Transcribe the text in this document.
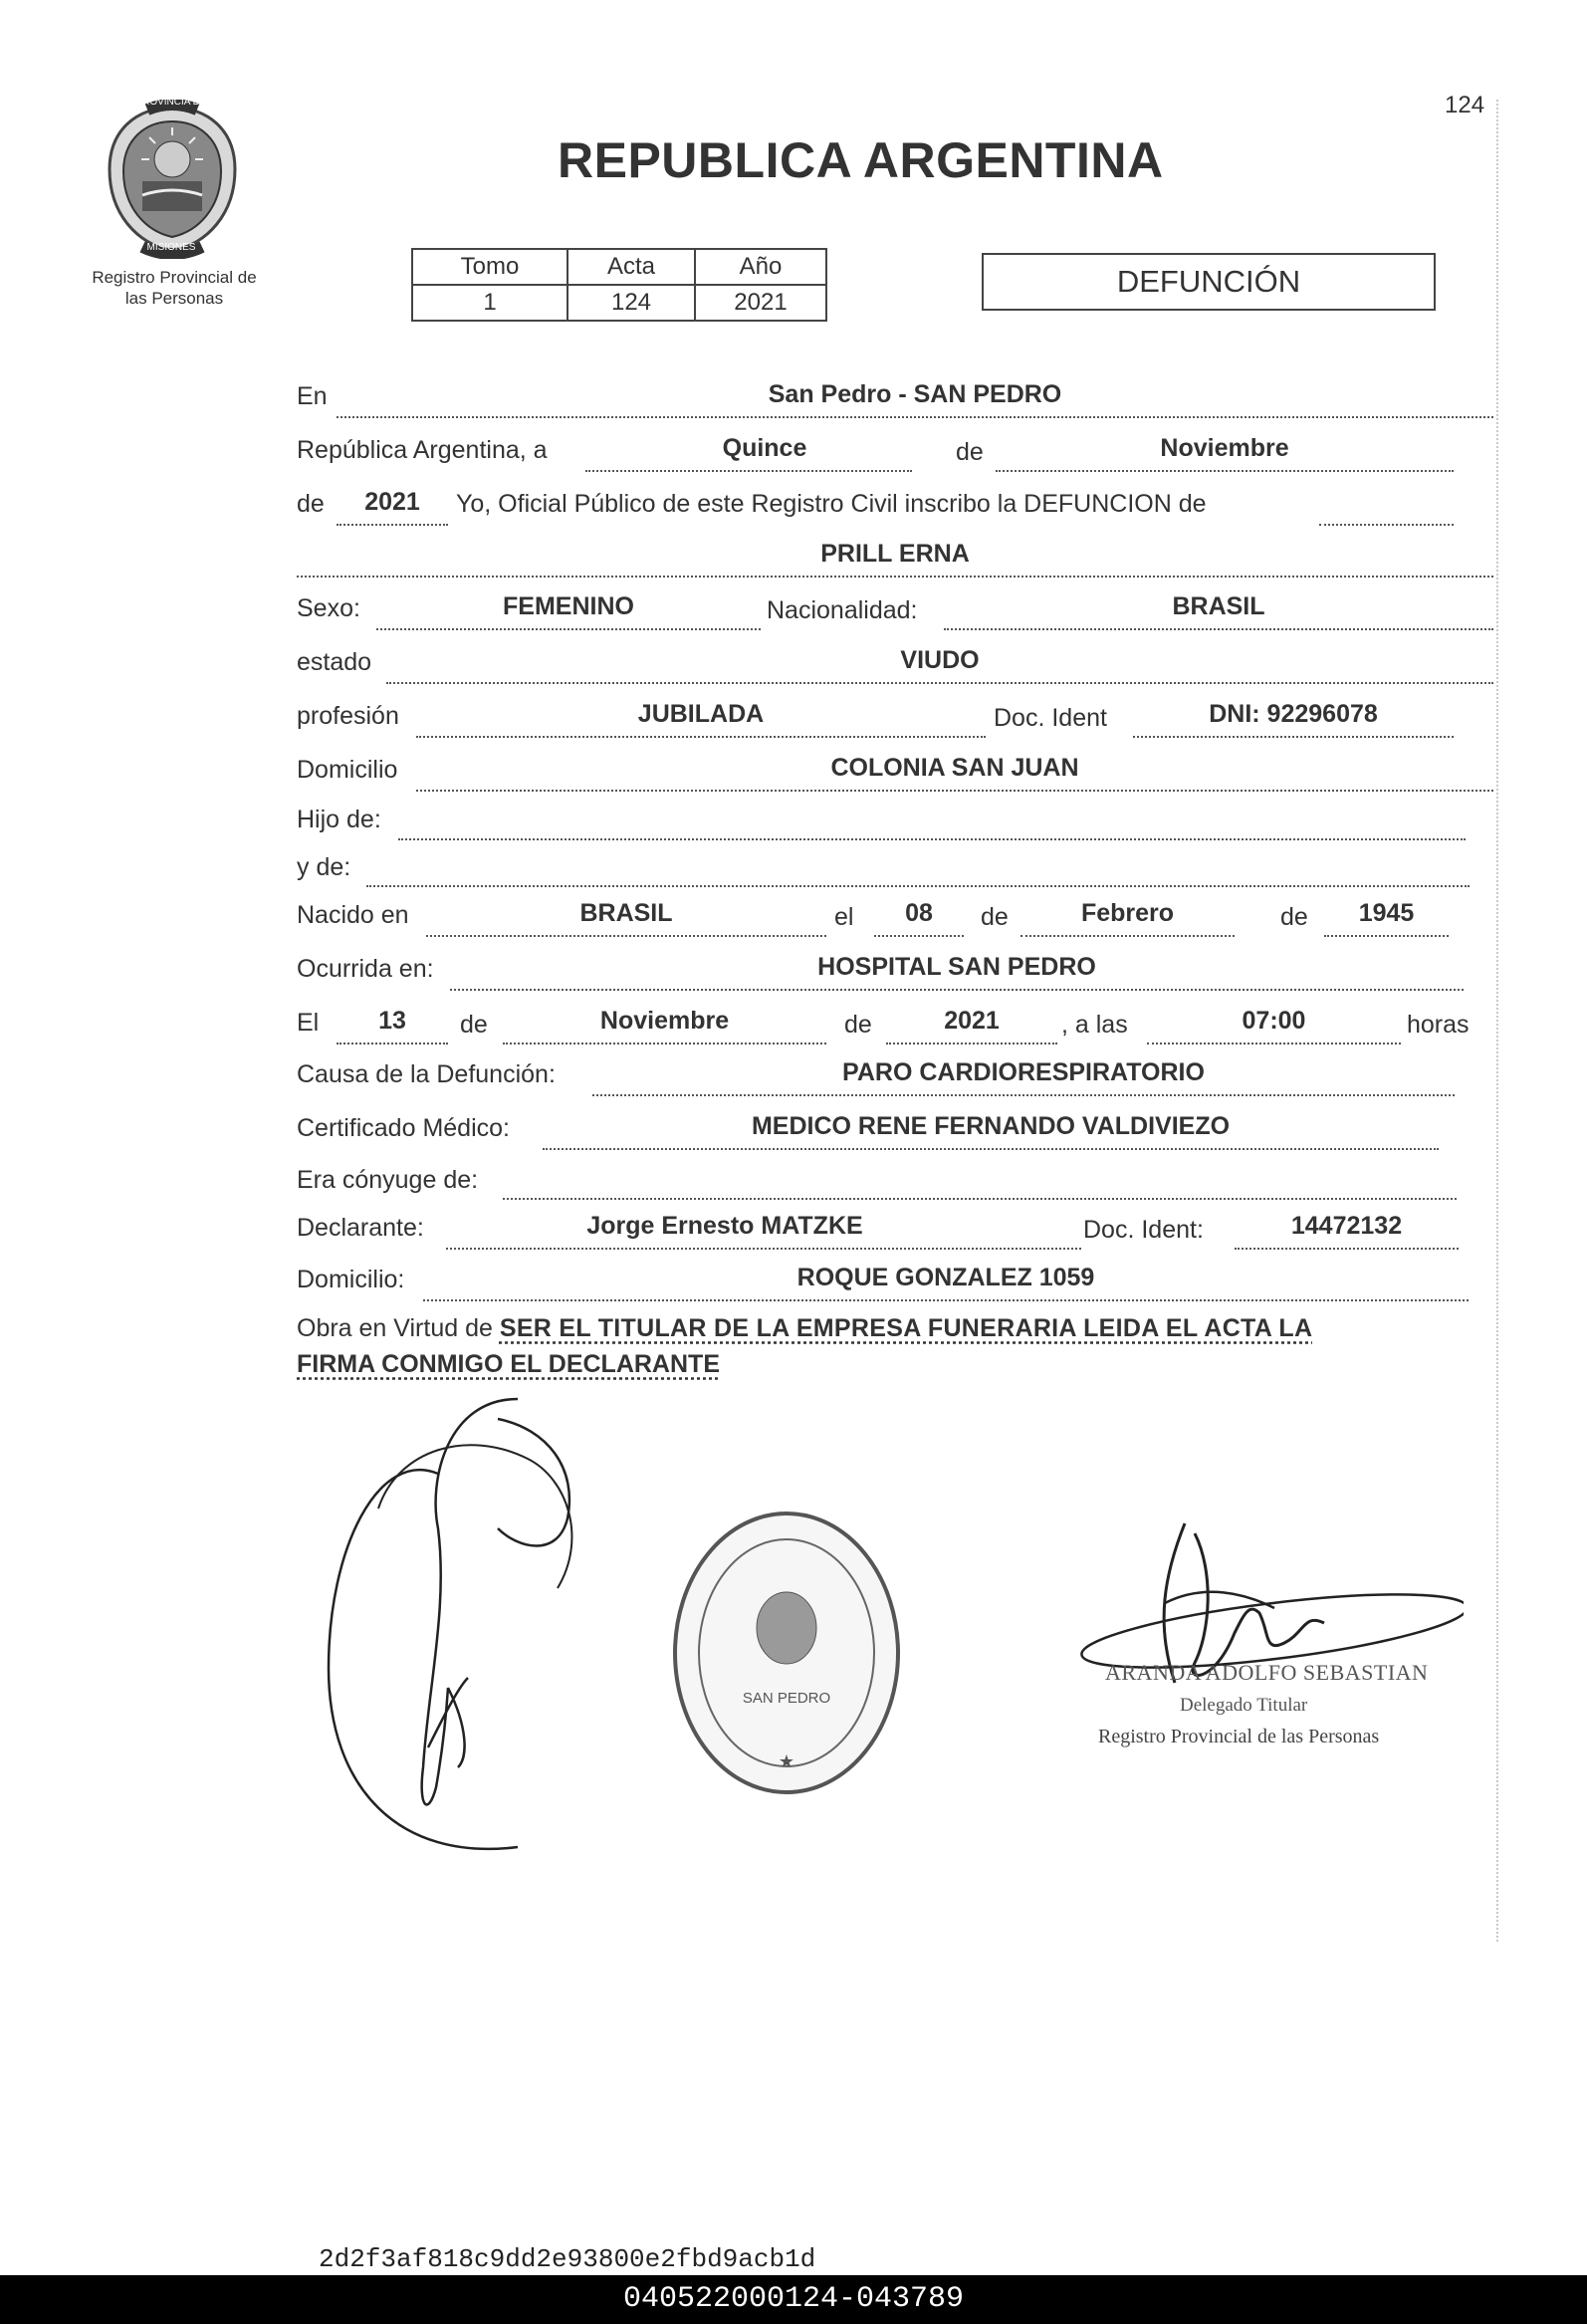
124
PROVINCIA DE
MISIONES
Registro Provincial de
las Personas
REPUBLICA ARGENTINA
Tomo	Acta	Año
1	124	2021
DEFUNCIÓN
En	San Pedro - SAN PEDRO
República Argentina, a	Quince	de	Noviembre
de	2021	Yo, Oficial Público de este Registro Civil inscribo la DEFUNCION de
PRILL ERNA
Sexo:	FEMENINO	Nacionalidad:	BRASIL
estado	VIUDO
profesión	JUBILADA	Doc. Ident	DNI: 92296078
Domicilio	COLONIA SAN JUAN
Hijo de:
y de:
Nacido en	BRASIL	el	08	de	Febrero	de	1945
Ocurrida en:	HOSPITAL SAN PEDRO
El	13	de	Noviembre	de	2021	, a las	07:00	horas
Causa de la Defunción:	PARO CARDIORESPIRATORIO
Certificado Médico:	MEDICO RENE FERNANDO VALDIVIEZO
Era cónyuge de:
Declarante:	Jorge Ernesto MATZKE	Doc. Ident:	14472132
Domicilio:	ROQUE GONZALEZ 1059
Obra en Virtud de SER EL TITULAR DE LA EMPRESA FUNERARIA LEIDA EL ACTA LA
FIRMA CONMIGO EL DECLARANTE
SAN PEDRO
★
ARANDA ADOLFO SEBASTIAN
Delegado Titular
Registro Provincial de las Personas
2d2f3af818c9dd2e93800e2fbd9acb1d
040522000124-043789
